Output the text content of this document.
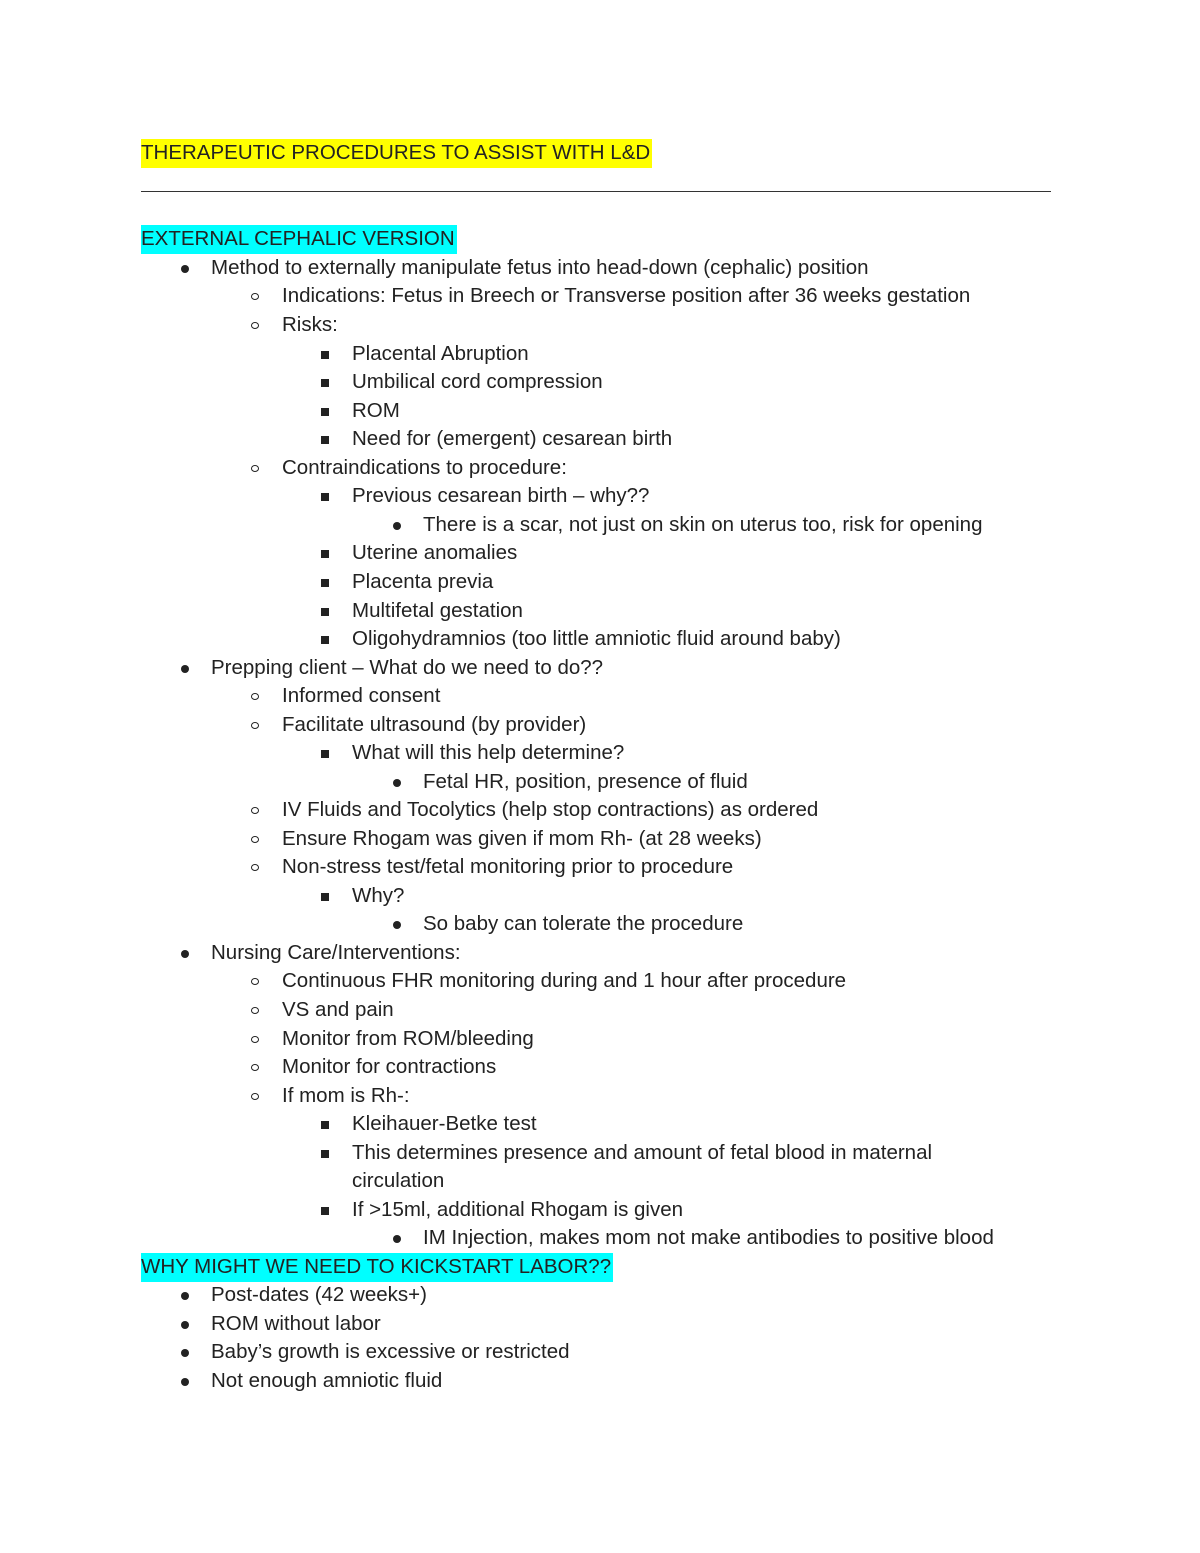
THERAPEUTIC PROCEDURES TO ASSIST WITH L&D
EXTERNAL CEPHALIC VERSION
Method to externally manipulate fetus into head-down (cephalic) position
Indications: Fetus in Breech or Transverse position after 36 weeks gestation
Risks:
Placental Abruption
Umbilical cord compression
ROM
Need for (emergent) cesarean birth
Contraindications to procedure:
Previous cesarean birth – why??
There is a scar, not just on skin on uterus too, risk for opening
Uterine anomalies
Placenta previa
Multifetal gestation
Oligohydramnios (too little amniotic fluid around baby)
Prepping client – What do we need to do??
Informed consent
Facilitate ultrasound (by provider)
What will this help determine?
Fetal HR, position, presence of fluid
IV Fluids and Tocolytics (help stop contractions) as ordered
Ensure Rhogam was given if mom Rh- (at 28 weeks)
Non-stress test/fetal monitoring prior to procedure
Why?
So baby can tolerate the procedure
Nursing Care/Interventions:
Continuous FHR monitoring during and 1 hour after procedure
VS and pain
Monitor from ROM/bleeding
Monitor for contractions
If mom is Rh-:
Kleihauer-Betke test
This determines presence and amount of fetal blood in maternal
circulation
If >15ml, additional Rhogam is given
IM Injection, makes mom not make antibodies to positive blood
WHY MIGHT WE NEED TO KICKSTART LABOR??
Post-dates (42 weeks+)
ROM without labor
Baby’s growth is excessive or restricted
Not enough amniotic fluid
